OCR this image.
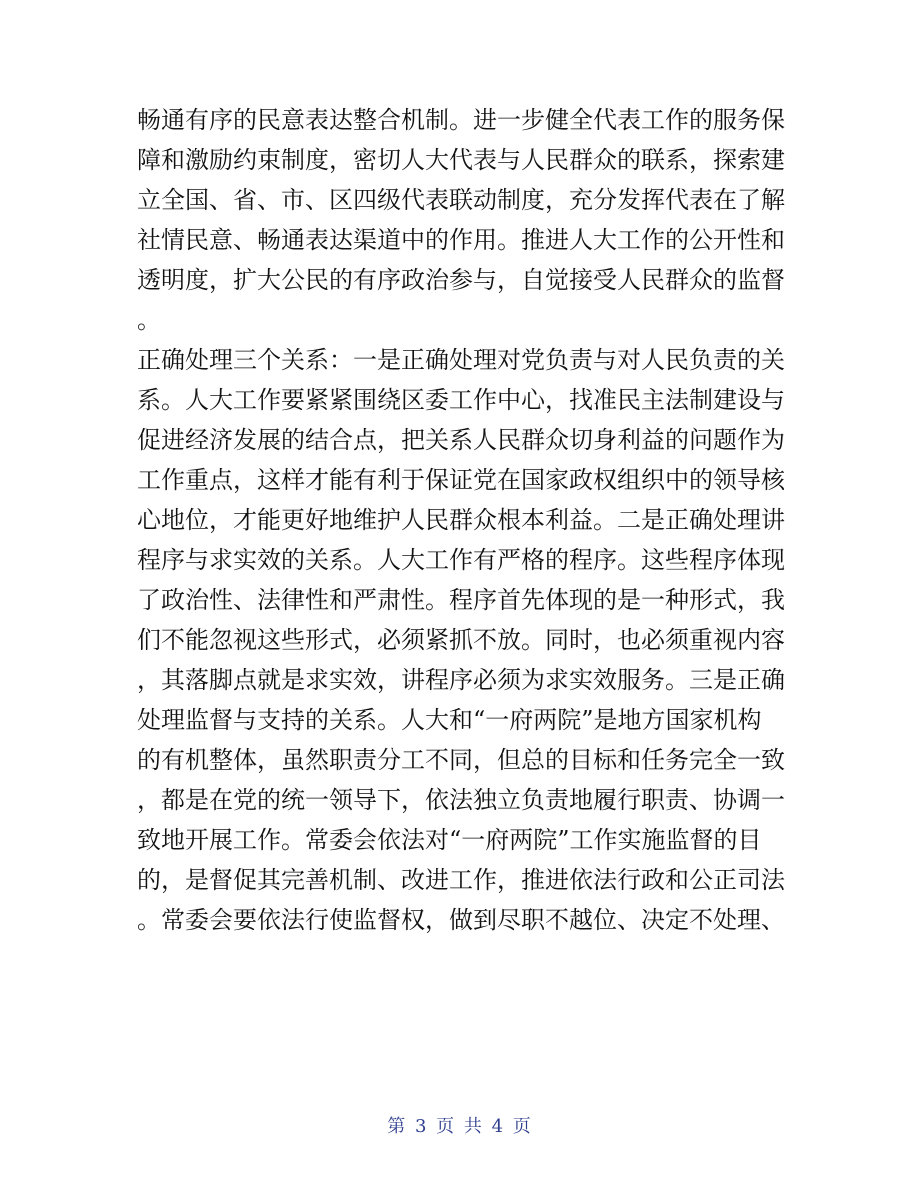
畅通有序的民意表达整合机制。进一步健全代表工作的服务保
障和激励约束制度，密切人大代表与人民群众的联系，探索建
立全国、省、市、区四级代表联动制度，充分发挥代表在了解
社情民意、畅通表达渠道中的作用。推进人大工作的公开性和
透明度，扩大公民的有序政治参与，自觉接受人民群众的监督
。
正确处理三个关系：一是正确处理对党负责与对人民负责的关
系。人大工作要紧紧围绕区委工作中心，找准民主法制建设与
促进经济发展的结合点，把关系人民群众切身利益的问题作为
工作重点，这样才能有利于保证党在国家政权组织中的领导核
心地位，才能更好地维护人民群众根本利益。二是正确处理讲
程序与求实效的关系。人大工作有严格的程序。这些程序体现
了政治性、法律性和严肃性。程序首先体现的是一种形式，我
们不能忽视这些形式，必须紧抓不放。同时，也必须重视内容
，其落脚点就是求实效，讲程序必须为求实效服务。三是正确
处理监督与支持的关系。人大和“一府两院”是地方国家机构
的有机整体，虽然职责分工不同，但总的目标和任务完全一致
，都是在党的统一领导下，依法独立负责地履行职责、协调一
致地开展工作。常委会依法对“一府两院”工作实施监督的目
的，是督促其完善机制、改进工作，推进依法行政和公正司法
。常委会要依法行使监督权，做到尽职不越位、决定不处理、
第 3 页 共 4 页
